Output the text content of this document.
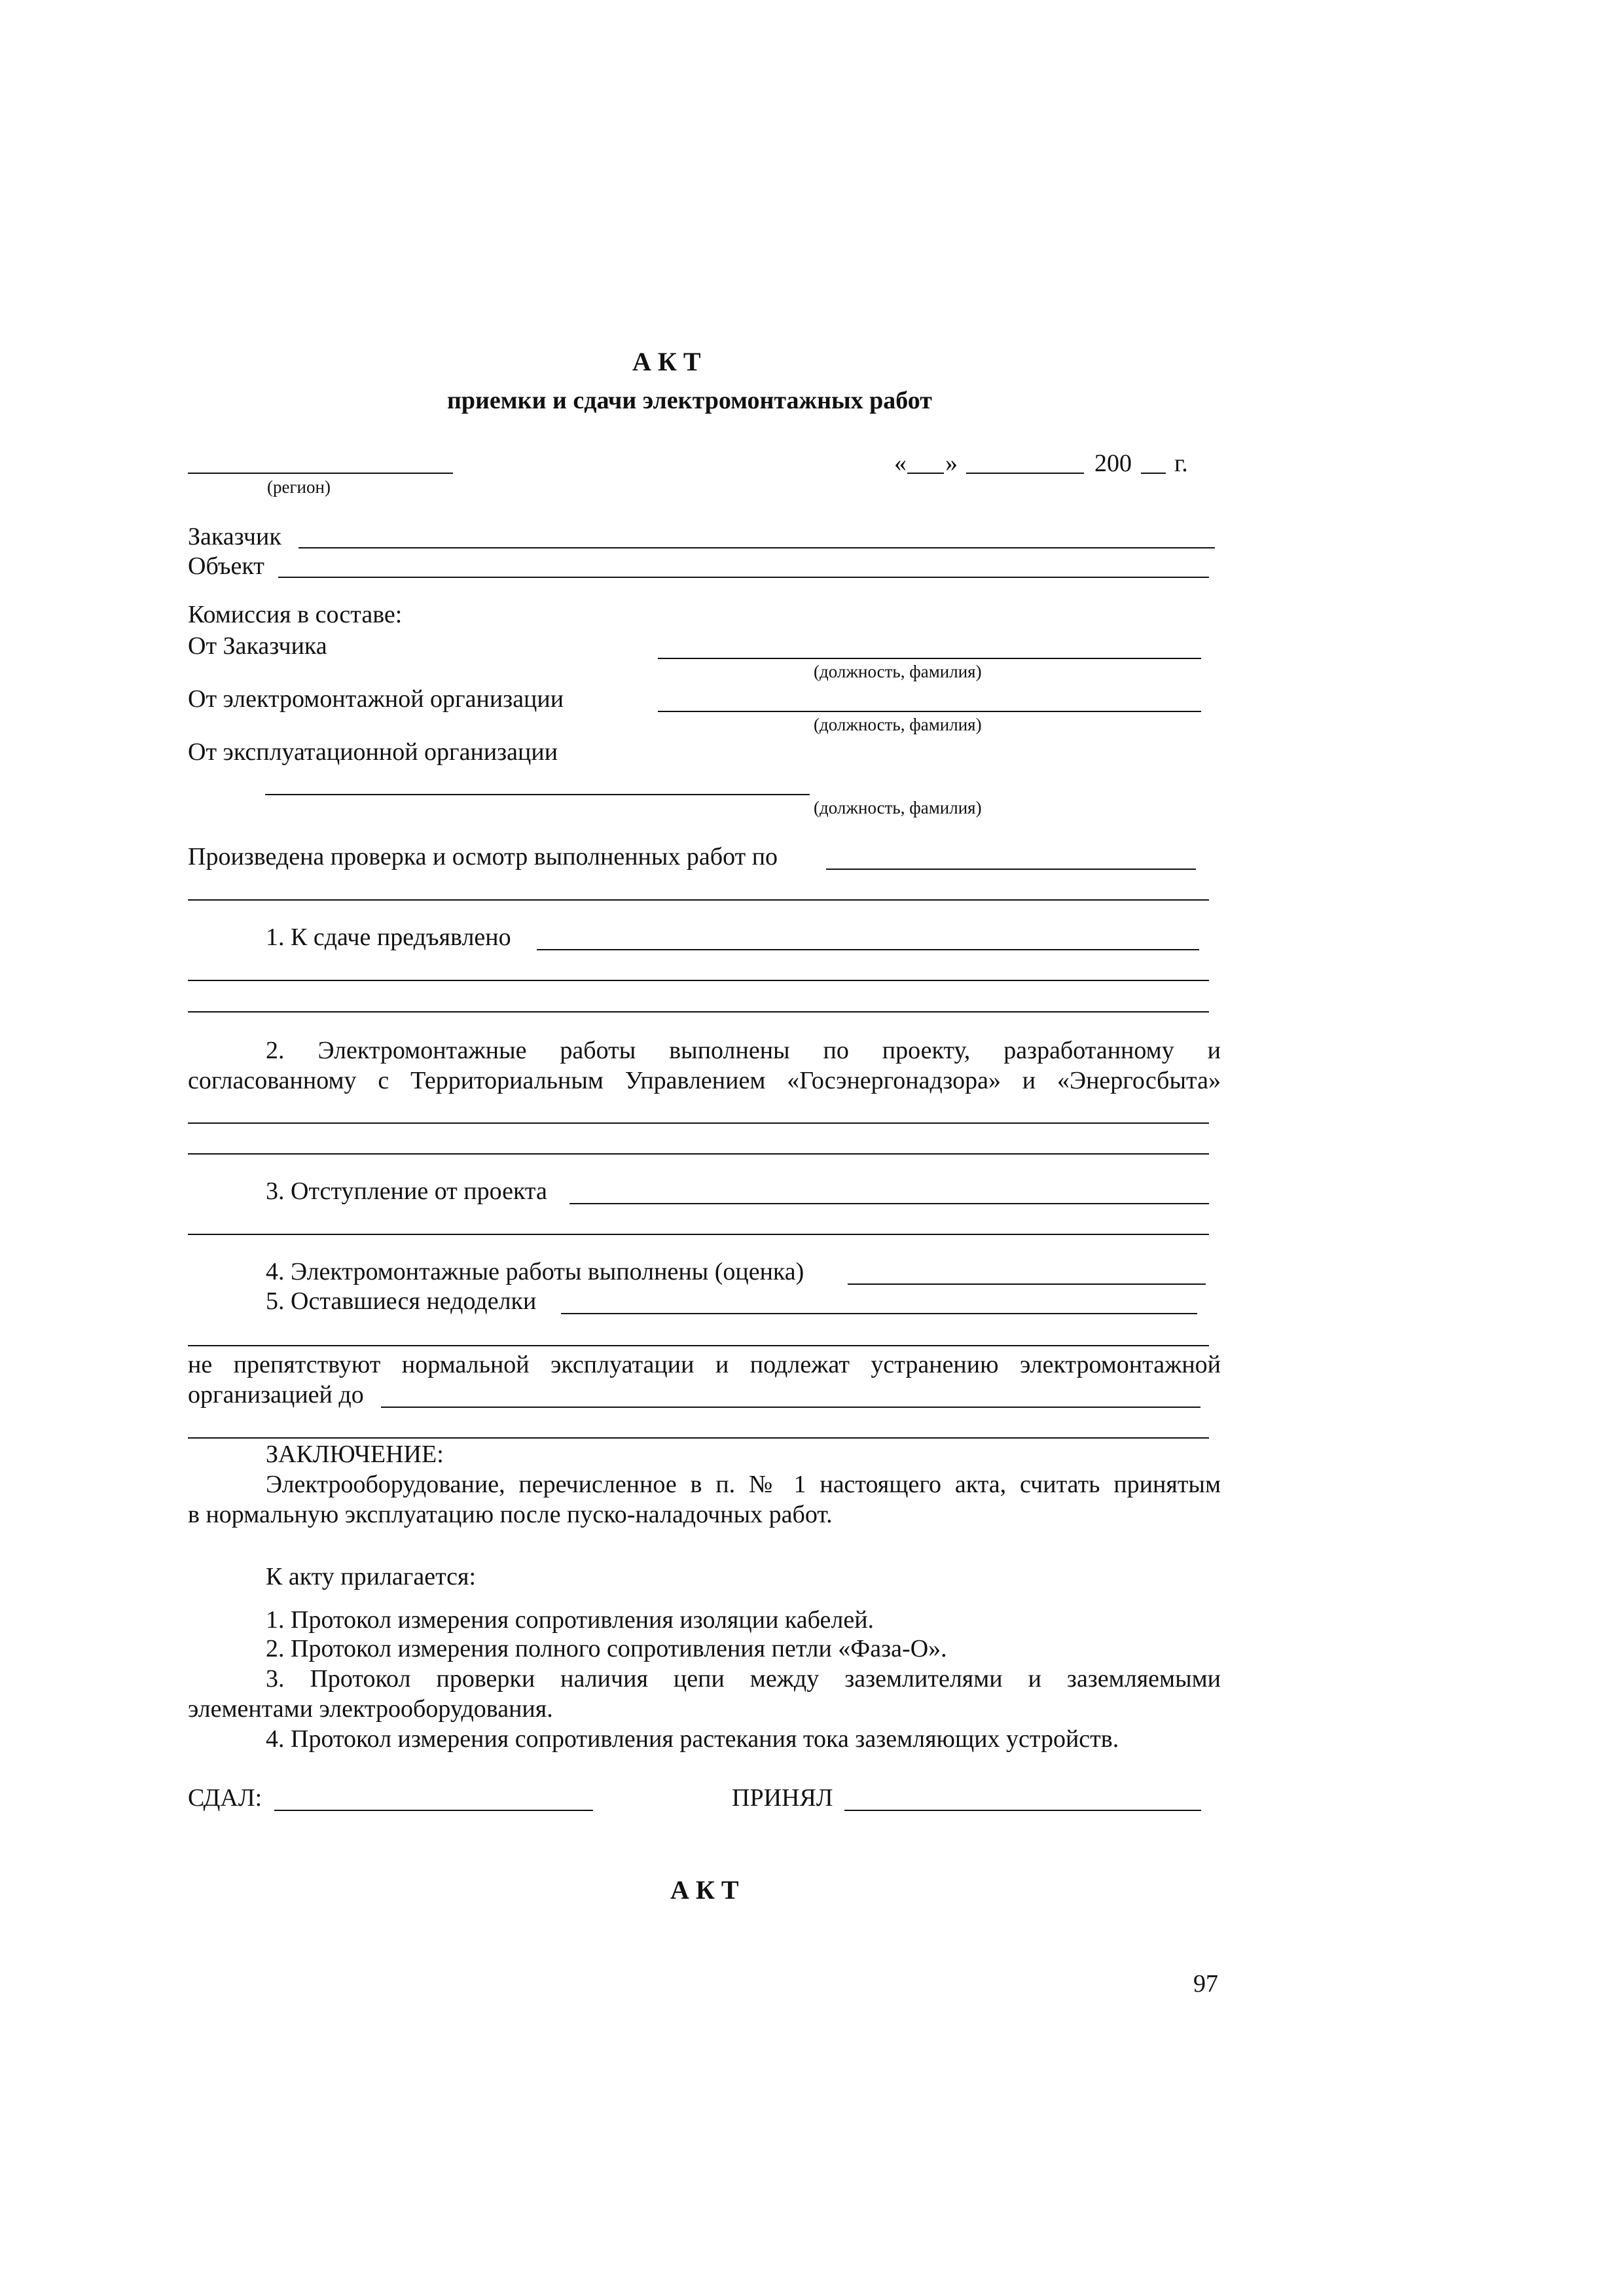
А К Т
приемки и сдачи электромонтажных работ
(регион)
« »	200 г.
Заказчик
Объект
Комиссия в составе:
От Заказчика
(должность, фамилия)
От электромонтажной организации
(должность, фамилия)
От эксплуатационной организации
(должность, фамилия)
Произведена проверка и осмотр выполненных работ по
1. К сдаче предъявлено
2. Электромонтажные работы выполнены по проекту, разработанному и
согласованному с Территориальным Управлением «Госэнергонадзора» и «Энергосбыта»
3. Отступление от проекта
4. Электромонтажные работы выполнены (оценка)
5. Оставшиеся недоделки
не препятствуют нормальной эксплуатации и подлежат устранению электромонтажной
организацией до
ЗАКЛЮЧЕНИЕ:
Электрооборудование, перечисленное в п. № 1 настоящего акта, считать принятым
в нормальную эксплуатацию после пуско-наладочных работ.
К акту прилагается:
1. Протокол измерения сопротивления изоляции кабелей.
2. Протокол измерения полного сопротивления петли «Фаза-О».
3. Протокол проверки наличия цепи между заземлителями и заземляемыми
элементами электрооборудования.
4. Протокол измерения сопротивления растекания тока заземляющих устройств.
СДАЛ:	ПРИНЯЛ
А К Т
97
